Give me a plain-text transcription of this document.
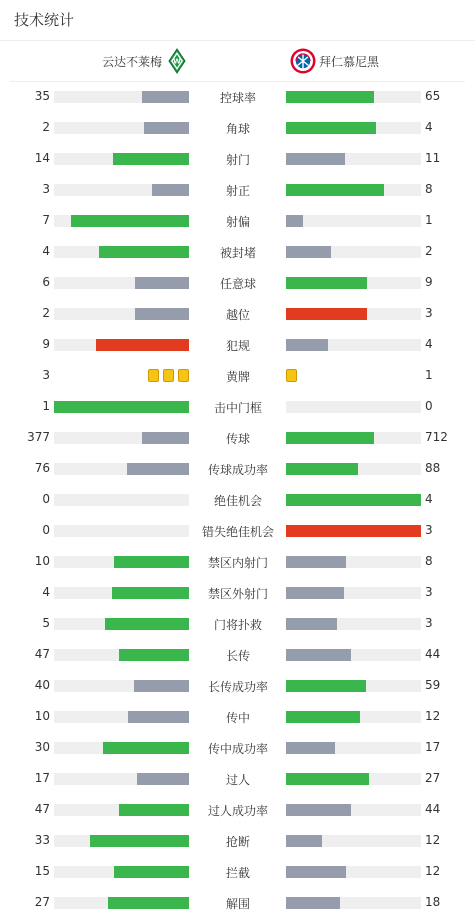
技术统计
云达不莱梅 W	拜仁慕尼黑
35	控球率	65
2	角球	4
14	射门	11
3	射正	8
7	射偏	1
4	被封堵	2
6	任意球	9
2	越位	3
9	犯规	4
3	黄牌	1
1	击中门框	0
377	传球	712
76	传球成功率	88
0	绝佳机会	4
0	错失绝佳机会	3
10	禁区内射门	8
4	禁区外射门	3
5	门将扑救	3
47	长传	44
40	长传成功率	59
10	传中	12
30	传中成功率	17
17	过人	27
47	过人成功率	44
33	抢断	12
15	拦截	12
27	解围	18
